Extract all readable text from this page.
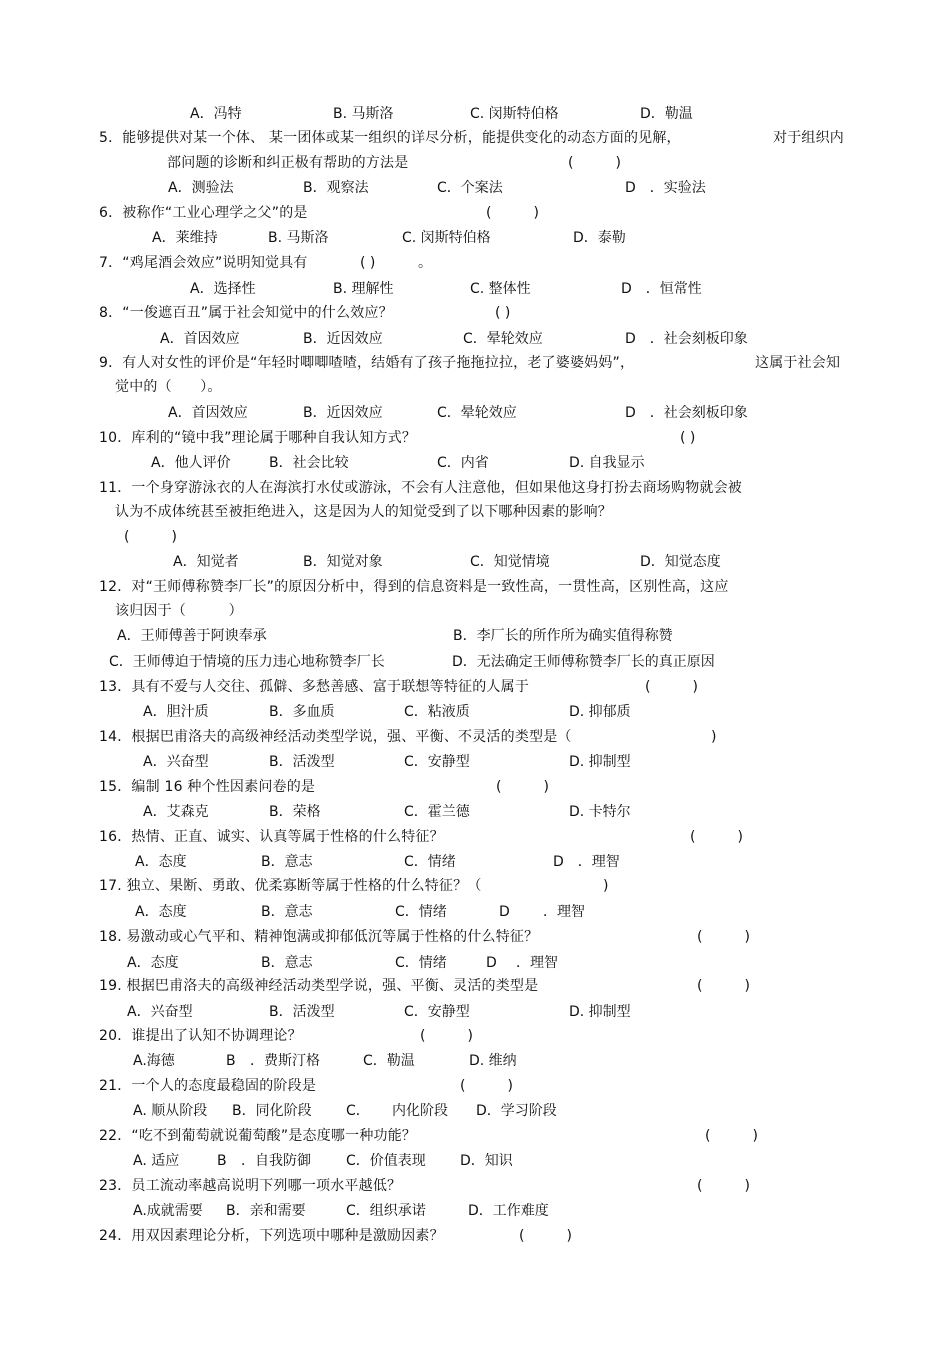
A．冯特	B. 马斯洛	C. 闵斯特伯格	D．勒温
5．能够提供对某一个体、 某一团体或某一组织的详尽分析，能提供变化的动态方面的见解，	对于组织内
部问题的诊断和纠正极有帮助的方法是	(　　　)
A．测验法	B．观察法	C．个案法	D　．实验法
6．被称作“工业心理学之父”的是	(　　　)
A．莱维持	B. 马斯洛	C. 闵斯特伯格	D．泰勒
7．“鸡尾酒会效应”说明知觉具有	( )	。
A．选择性	B. 理解性	C. 整体性	D　．恒常性
8．“一俊遮百丑”属于社会知觉中的什么效应？	( )
A．首因效应	B．近因效应	C．晕轮效应	D　．社会刻板印象
9．有人对女性的评价是“年轻时唧唧喳喳，结婚有了孩子拖拖拉拉，老了婆婆妈妈”，	这属于社会知
觉中的（　　）。
A．首因效应	B．近因效应	C．晕轮效应	D　．社会刻板印象
10．库利的“镜中我”理论属于哪种自我认知方式？	( )
A．他人评价	B．社会比较	C．内省	D. 自我显示
11．一个身穿游泳衣的人在海滨打水仗或游泳，不会有人注意他，但如果他这身打扮去商场购物就会被
认为不成体统甚至被拒绝进入，这是因为人的知觉受到了以下哪种因素的影响？
(　　　)
A．知觉者	B．知觉对象	C．知觉情境	D．知觉态度
12．对“王师傅称赞李厂长”的原因分析中，得到的信息资料是一致性高，一贯性高，区别性高，这应
该归因于（　　　）
A．王师傅善于阿谀奉承	B．李厂长的所作所为确实值得称赞
C．王师傅迫于情境的压力违心地称赞李厂长	D．无法确定王师傅称赞李厂长的真正原因
13．具有不爱与人交往、孤僻、多愁善感、富于联想等特征的人属于	(　　　)
A．胆汁质	B．多血质	C．粘液质	D. 抑郁质
14．根据巴甫洛夫的高级神经活动类型学说，强、平衡、不灵活的类型是（	)
A．兴奋型	B．活泼型	C．安静型	D. 抑制型
15．编制 16 种个性因素问卷的是	(　　　)
A．艾森克	B．荣格	C．霍兰德	D. 卡特尔
16．热情、正直、诚实、认真等属于性格的什么特征？	(　　　)
A．态度	B．意志	C．情绪	D　．理智
17. 独立、果断、勇敢、优柔寡断等属于性格的什么特征？（	)
A．态度	B．意志	C．情绪	D ．理智
18. 易激动或心气平和、精神饱满或抑郁低沉等属于性格的什么特征？	(　　　)
A．态度	B．意志	C．情绪	D ．理智
19. 根据巴甫洛夫的高级神经活动类型学说，强、平衡、灵活的类型是	(　　　)
A．兴奋型	B．活泼型	C．安静型	D. 抑制型
20．谁提出了认知不协调理论？	(　　　)
A.海德	B ．费斯汀格	C．勒温	D. 维纳
21．一个人的态度最稳固的阶段是	(　　　)
A. 顺从阶段 B．同化阶段 C． 内化阶段 D．学习阶段
22．“吃不到葡萄就说葡萄酸”是态度哪一种功能？	(　　　)
A. 适应	B ．自我防御	C．价值表现 D．知识
23．员工流动率越高说明下列哪一项水平越低？	(　　　)
A.成就需要 B．亲和需要	C．组织承诺	D．工作难度
24．用双因素理论分析，下列选项中哪种是激励因素？	(　　　)
